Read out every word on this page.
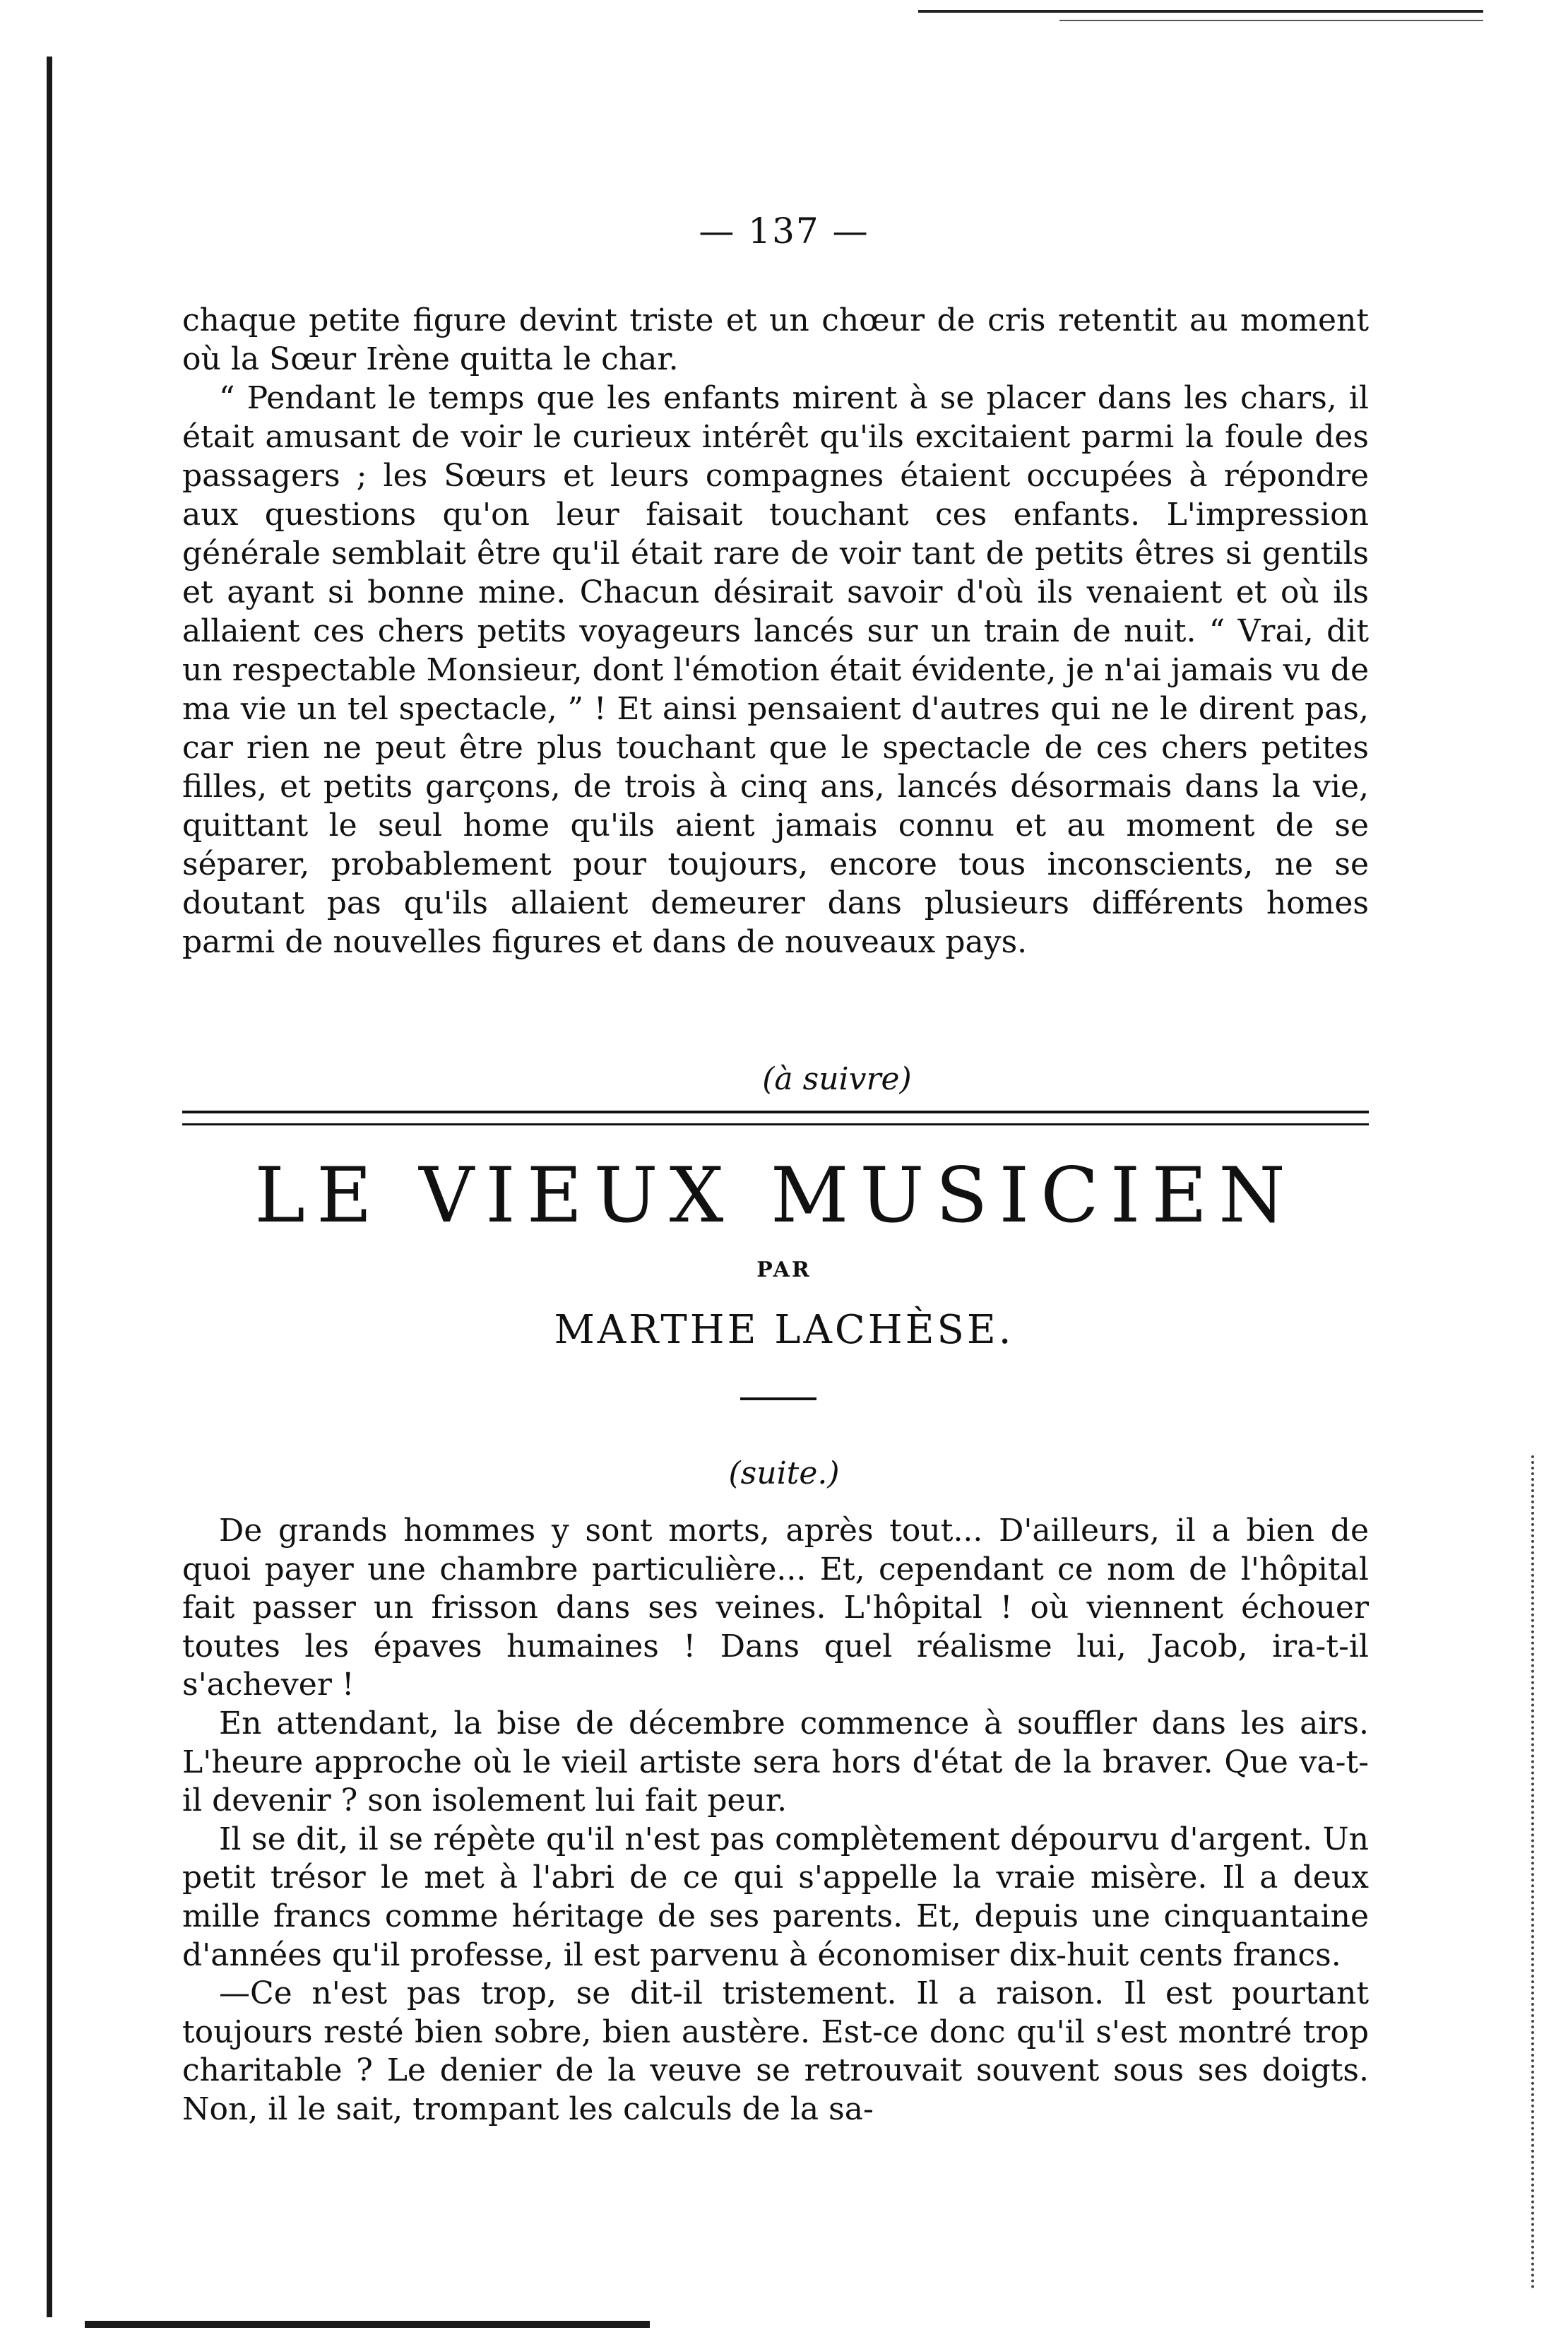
— 137 —

chaque petite figure devint triste et un chœur de cris retentit au moment où la Sœur Irène quitta le char.

“ Pendant le temps que les enfants mirent à se placer dans les chars, il était amusant de voir le curieux intérêt qu'ils excitaient parmi la foule des passagers ; les Sœurs et leurs compagnes étaient occupées à répondre aux questions qu'on leur faisait touchant ces enfants. L'impression générale semblait être qu'il était rare de voir tant de petits êtres si gentils et ayant si bonne mine. Chacun désirait savoir d'où ils venaient et où ils allaient ces chers petits voyageurs lancés sur un train de nuit. “ Vrai, dit un respectable Monsieur, dont l'émotion était évidente, je n'ai jamais vu de ma vie un tel spectacle, ” ! Et ainsi pensaient d'autres qui ne le dirent pas, car rien ne peut être plus touchant que le spectacle de ces chers petites filles, et petits garçons, de trois à cinq ans, lancés désormais dans la vie, quittant le seul home qu'ils aient jamais connu et au moment de se séparer, probablement pour toujours, encore tous inconscients, ne se doutant pas qu'ils allaient demeurer dans plusieurs différents homes parmi de nouvelles figures et dans de nouveaux pays.

(à suivre)
LE VIEUX MUSICIEN
PAR
MARTHE LACHÈSE.
(suite.)

De grands hommes y sont morts, après tout... D'ailleurs, il a bien de quoi payer une chambre particulière... Et, cependant ce nom de l'hôpital fait passer un frisson dans ses veines. L'hôpital ! où viennent échouer toutes les épaves humaines ! Dans quel réalisme lui, Jacob, ira-t-il s'achever !

En attendant, la bise de décembre commence à souffler dans les airs. L'heure approche où le vieil artiste sera hors d'état de la braver. Que va-t-il devenir ? son isolement lui fait peur.

Il se dit, il se répète qu'il n'est pas complètement dépourvu d'argent. Un petit trésor le met à l'abri de ce qui s'appelle la vraie misère. Il a deux mille francs comme héritage de ses parents. Et, depuis une cinquantaine d'années qu'il professe, il est parvenu à économiser dix-huit cents francs.

—Ce n'est pas trop, se dit-il tristement. Il a raison. Il est pourtant toujours resté bien sobre, bien austère. Est-ce donc qu'il s'est montré trop charitable ? Le denier de la veuve se retrouvait souvent sous ses doigts. Non, il le sait, trompant les calculs de la sa-
